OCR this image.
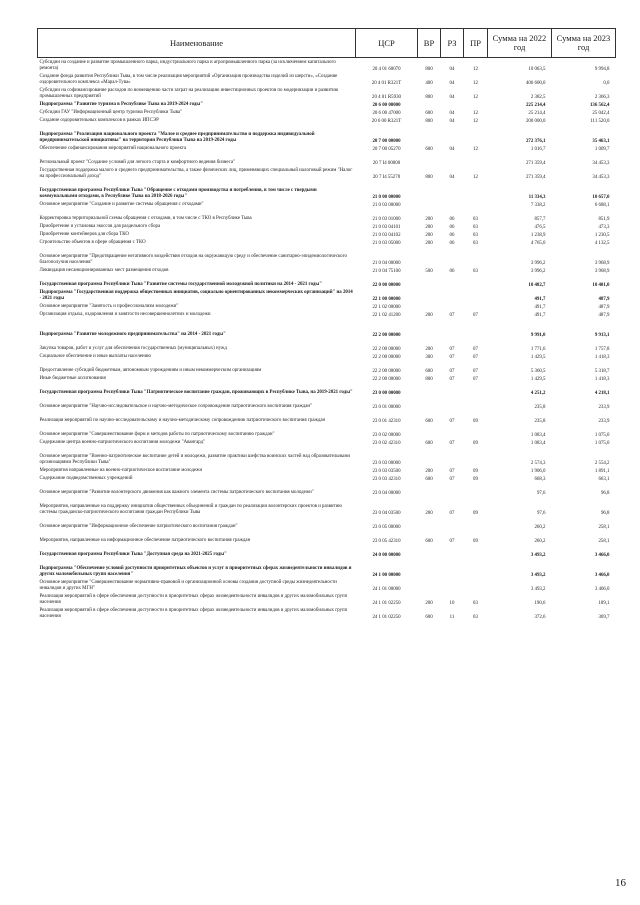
Наименование	ЦСР	ВР	РЗ	ПР	Сумма на 2022 год	Сумма на 2023 год
Субсидии на создание и развитие промышленного парка, индустриального парка и агропромышленного парка (за исключением капитального ремонта)	20 4 01 60070	800	04	12	10 063,5	9 994,8
Создание фонда развития Республики Тыва, в том числе реализация мероприятий «Организация производства изделий из шерсти», «Создание оздоровительного комплекса «Марал-Тува»	20 4 01 R321T	400	04	12	406 600,0	0,0
Субсидии на софинансирование расходов по возмещению части затрат на реализацию инвестиционных проектов по модернизации и развитию промышленных предприятий	20 4 01 R5930	800	04	12	2 382,5	2 366,3
Подпрограмма "Развитие туризма в Республике Тыва на 2019-2024 годы"	20 6 00 00000				225 214,4	136 562,4
Субсидии ГАУ "Информационный центр туризма Республики Тыва"	20 6 00 47000	600	04	12	25 214,4	25 042,4
Создание оздоровительных комплексов в рамках ИПСЭР	20 6 00 R321T	800	04	12	200 000,0	111 520,0
Подпрограмма "Реализация национального проекта "Малое и среднее предпринимательство и поддержка индивидуальной предпринимательской инициативы" на территории Республики Тыва на 2019-2024 годы	20 7 00 00000				272 376,1	35 463,1
Обеспечение софинансирования мероприятий национального проекта	20 7 00 05270	600	04	12	1 016,7	1 009,7
Региональный проект "Создание условий для легкого старта и комфортного ведения бизнеса"	20 7 I4 00000				271 359,4	34 453,3
Государственная поддержка малого и среднего предпринимательства, а также физических лиц, применяющих специальный налоговый режим "Налог на профессиональный доход"	20 7 I4 55270	800	04	12	271 359,4	34 453,3
Государственная программа Республики Тыва "Обращение с отходами производства и потребления, в том числе с твердыми коммунальными отходами, в Республике Тыва на 2018-2026 годы"	21 0 00 00000				11 334,3	10 657,0
Основное мероприятие "Создание и развитие системы обращения с отходами"	21 0 03 00000				7 338,2	6 688,1
Корректировка территориальной схемы обращения с отходами, в том числе с ТКО в Республике Тыва	21 0 03 01000	200	06	03	857,7	851,9
Приобретение и установка экоссов для раздельного сбора	21 0 03 04101	200	06	03	476,5	473,3
Приобретение контейнеров для сбора ТКО	21 0 03 04102	200	06	03	1 238,9	1 230,5
Строительство объектов в сфере обращения с ТКО	21 0 03 05000	200	06	03	4 765,0	4 132,5
Основное мероприятие "Предотвращение негативного воздействия отходов на окружающую среду и обеспечение санитарно-эпидемиологического благополучия населения"	21 0 04 00000				3 996,2	3 968,9
Ликвидация несанкционированных мест размещения отходов	21 0 04 75100	500	06	03	3 996,2	3 968,9
Государственная программа Республики Тыва "Развитие системы государственной молодежной политики на 2014 - 2021 годы"	22 0 00 00000				10 482,7	10 401,0
Подпрограмма "Государственная поддержка общественных инициатив, социально ориентированных некоммерческих организаций" на 2014 - 2021 годы	22 1 00 00000				491,7	487,9
Основное мероприятие "Занятость и профессионализм молодежи"	22 1 02 00000				491,7	487,9
Организация отдыха, оздоровления и занятости несовершеннолетних и молодежи	22 1 02 41200	200	07	07	491,7	487,9
Подпрограмма "Развитие молодежного предпринимательства" на 2014 - 2021 годы"	22 2 00 00000				9 991,0	9 913,1
Закупка товаров, работ и услуг для обеспечения государственных (муниципальных) нужд	22 2 00 00000	200	07	07	1 771,6	1 757,8
Социальное обеспечение и иные выплаты населению	22 2 00 00000	300	07	07	1 429,5	1 418,3
Предоставление субсидий бюджетным, автономным учреждениям и иным некоммерческим организациям	22 2 00 00000	600	07	07	5 360,5	5 318,7
Иные бюджетные ассигнования	22 2 00 00000	800	07	07	1 429,5	1 418,3
Государственная программа Республики Тыва "Патриотическое воспитание граждан, проживающих в Республике Тыва, на 2019-2021 годы"	23 0 00 00000				4 251,2	4 218,1
Основное мероприятие "Научно-исследовательское и научно-методическое сопровождение патриотического воспитания граждан"	23 0 01 00000				235,8	233,9
Реализация мероприятий по научно-исследовательскому и научно-методическому сопровождению патриотического воспитания граждан	23 0 01 42310	600	07	09	235,8	233,9
Основное мероприятие "Совершенствование форм и методов работы по патриотическому воспитанию граждан"	23 0 02 00000				1 083,4	1 075,0
Содержание центра военно-патриотического воспитания молодежи "Авангард"	23 0 02 42310	600	07	09	1 083,4	1 075,0
Основное мероприятие "Военно-патриотическое воспитание детей и молодежи, развитие практики шефства воинских частей над образовательными организациями Республики Тыва"	23 0 03 00000				2 574,3	2 554,2
Мероприятия направленные на военно-патриотическое воспитание молодежи	23 0 03 03500	200	07	09	1 906,0	1 891,1
Содержание подведомственных учреждений	23 0 03 42310	600	07	09	668,3	663,1
Основное мероприятие "Развитие волонтерского движения как важного элемента системы патриотического воспитания молодежи"	23 0 04 00000				97,6	96,8
Мероприятия, направленные на поддержку инициатив общественных объединений и граждан по реализации волонтерских проектов и развитию системы гражданско-патриотического воспитания граждан Республики Тыва	23 0 04 03500	200	07	09	97,6	96,8
Основное мероприятие "Информационное обеспечение патриотического воспитания граждан"	23 0 05 00000				260,2	258,1
Мероприятия, направленные на информационное обеспечение патриотического воспитания граждан	23 0 05 42310	600	07	09	260,2	258,1
Государственная программа Республики Тыва "Доступная среда на 2021-2025 годы"	24 0 00 00000				3 493,2	3 466,0
Подпрограмма "Обеспечение условий доступности приоритетных объектов и услуг в приоритетных сферах жизнедеятельности инвалидов и других маломобильных групп населения"	24 1 00 00000				3 493,2	3 466,0
Основное мероприятие "Совершенствование нормативно-правовой и организационной основы создания доступной среды жизнедеятельности инвалидов и других МГН"	24 1 01 00000				3 493,2	3 466,0
Реализация мероприятий в сфере обеспечения доступности в приоритетных сферах жизнедеятельности инвалидов и других маломобильных групп населения	24 1 01 02250	200	10	03	190,6	189,1
Реализация мероприятий в сфере обеспечения доступности в приоритетных сферах жизнедеятельности инвалидов и других маломобильных групп населения	24 1 01 02250	600	11	03	372,6	369,7
16
